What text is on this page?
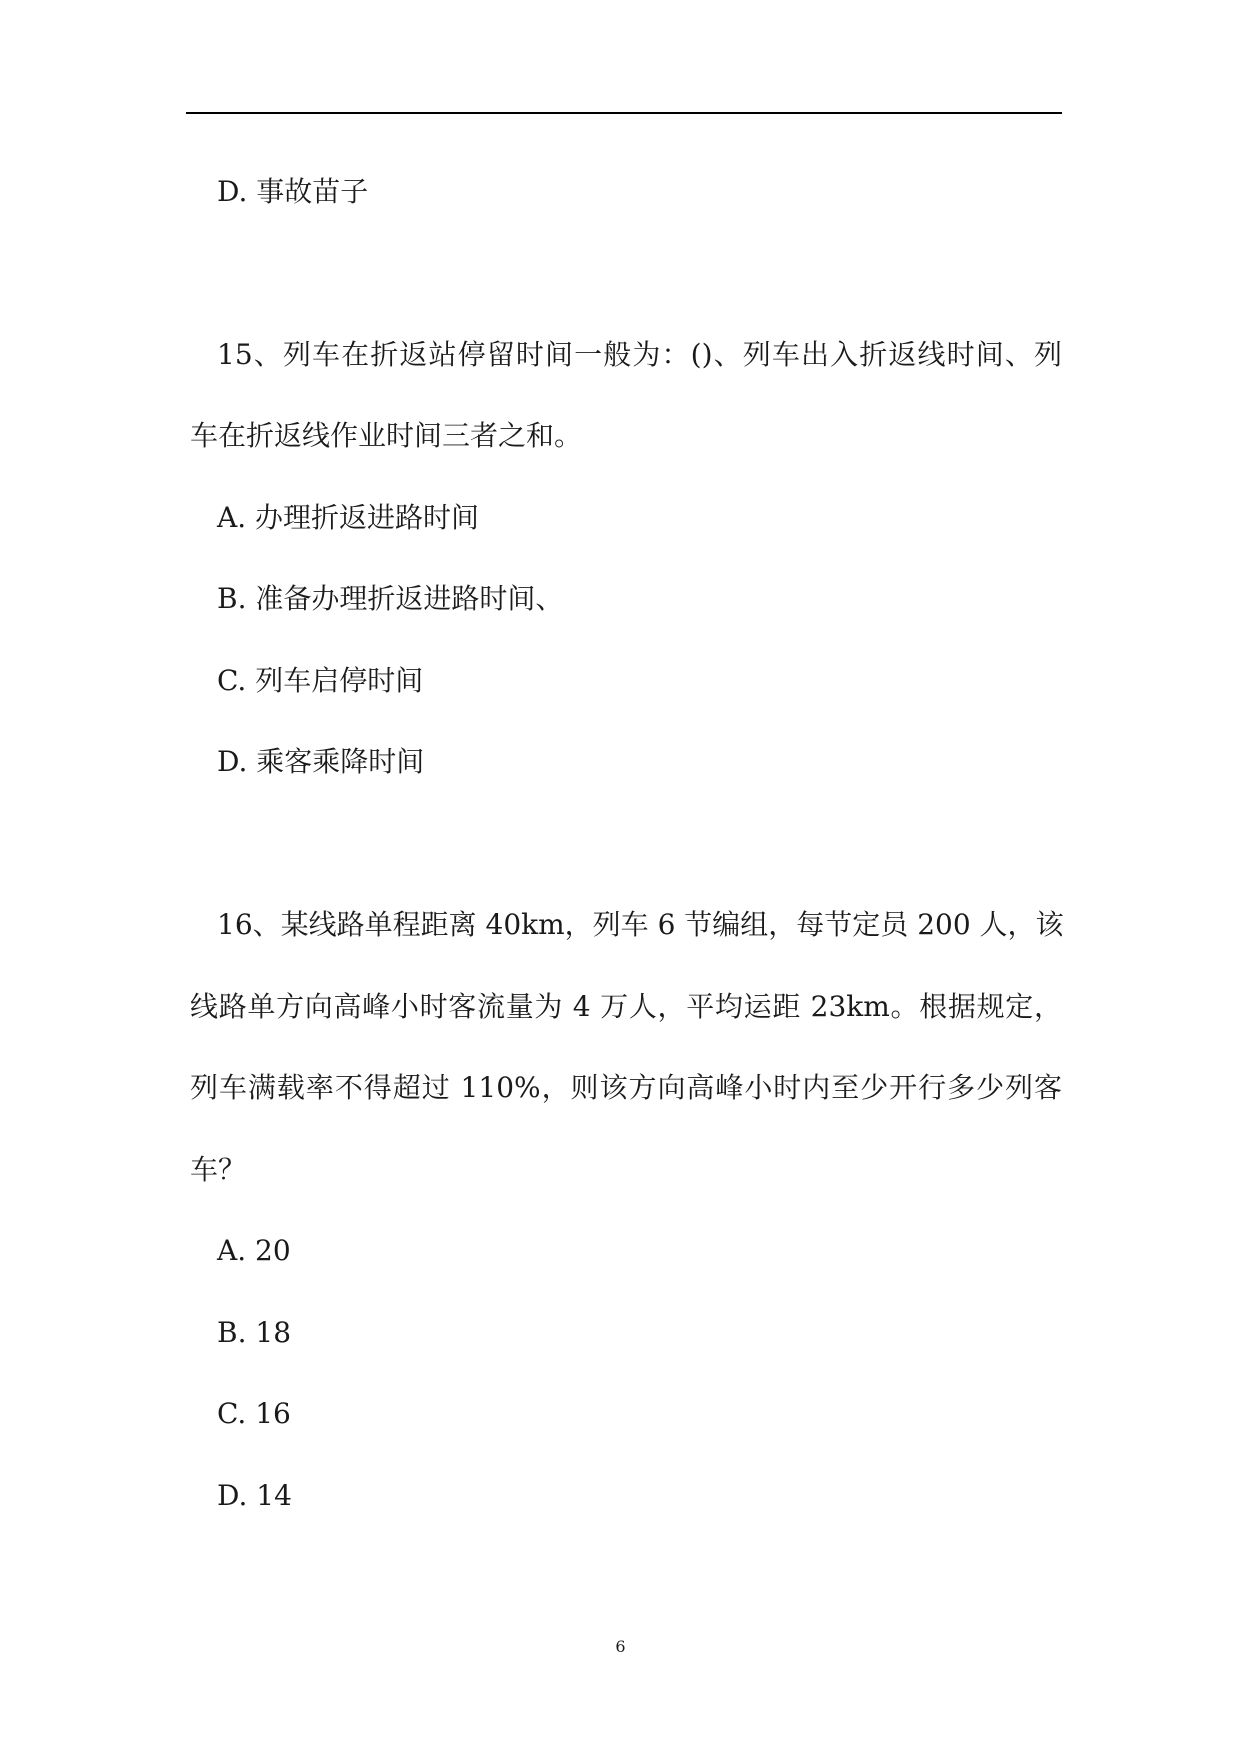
D. 事故苗子
15、列车在折返站停留时间一般为：()、列车出入折返线时间、列
车在折返线作业时间三者之和。
A. 办理折返进路时间
B. 准备办理折返进路时间、
C. 列车启停时间
D. 乘客乘降时间
16、某线路单程距离 40km，列车 6 节编组，每节定员 200 人，该
线路单方向高峰小时客流量为 4 万人，平均运距 23km。根据规定，
列车满载率不得超过 110%，则该方向高峰小时内至少开行多少列客
车？
A. 20
B. 18
C. 16
D. 14
6
